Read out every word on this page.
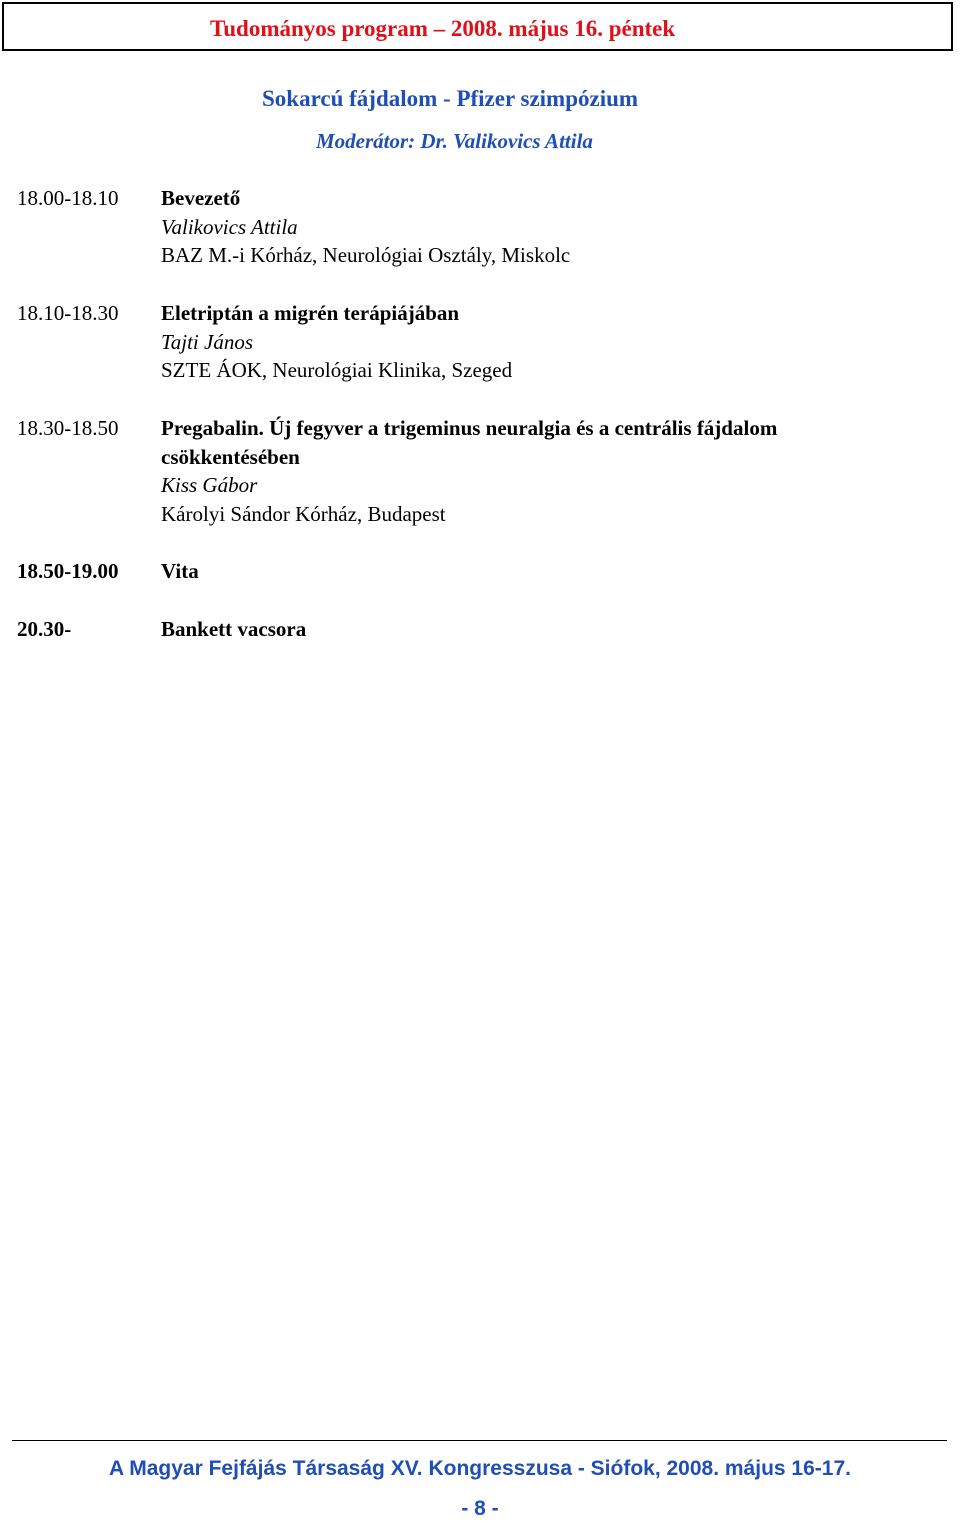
Tudományos program – 2008. május 16. péntek
Sokarcú fájdalom - Pfizer szimpózium
Moderátor: Dr. Valikovics Attila
18.00-18.10 Bevezető
Valikovics Attila
BAZ M.-i Kórház, Neurológiai Osztály, Miskolc
18.10-18.30 Eletriptán a migrén terápiájában
Tajti János
SZTE ÁOK, Neurológiai Klinika, Szeged
18.30-18.50 Pregabalin. Új fegyver a trigeminus neuralgia és a centrális fájdalom
csökkentésében
Kiss Gábor
Károlyi Sándor Kórház, Budapest
18.50-19.00 Vita
20.30-	Bankett vacsora
A Magyar Fejfájás Társaság XV. Kongresszusa - Siófok, 2008. május 16-17.
- 8 -
